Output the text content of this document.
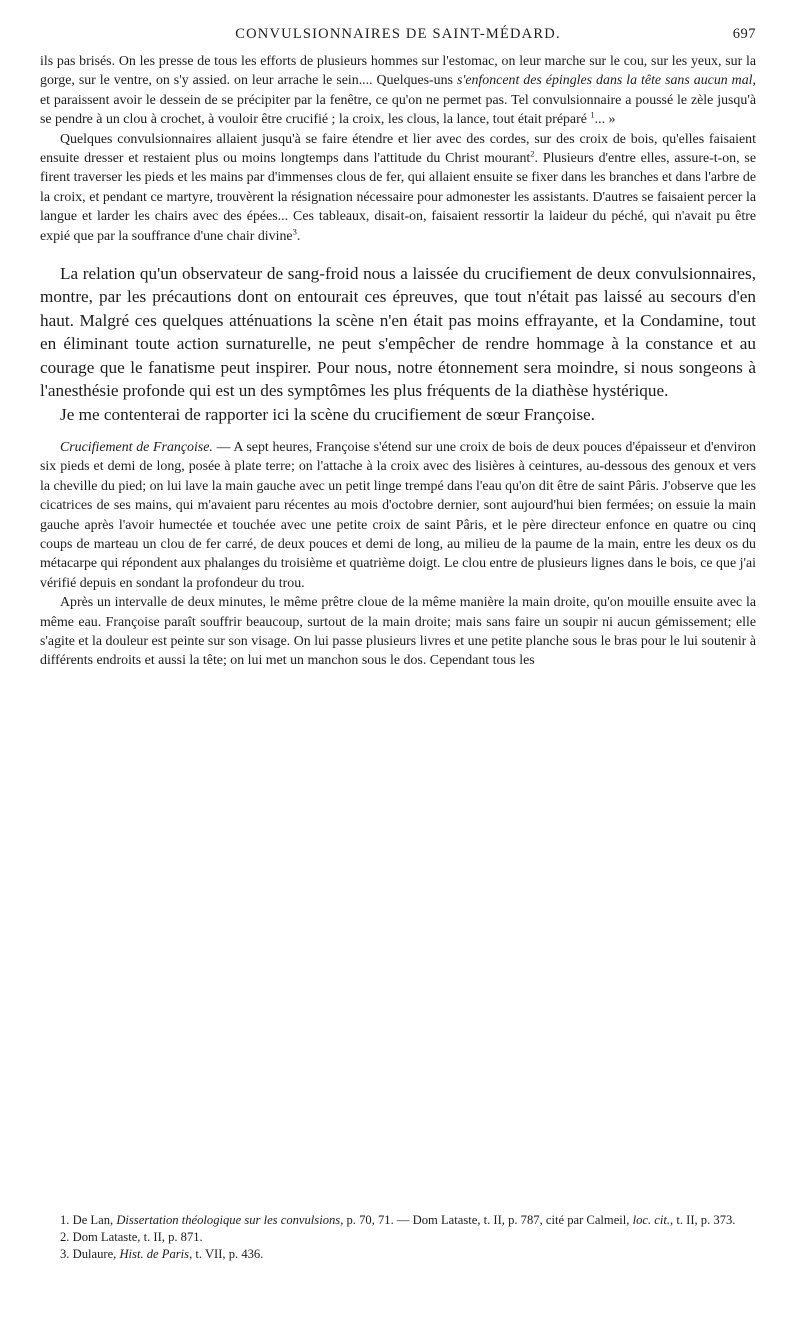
CONVULSIONNAIRES DE SAINT-MÉDARD.	697

ils pas brisés. On les presse de tous les efforts de plusieurs hommes sur l'estomac, on leur marche sur le cou, sur les yeux, sur la gorge, sur le ventre, on s'y assied. on leur arrache le sein.... Quelques-uns s'enfoncent des épingles dans la tête sans aucun mal, et paraissent avoir le dessein de se précipiter par la fenêtre, ce qu'on ne permet pas. Tel convulsionnaire a poussé le zèle jusqu'à se pendre à un clou à crochet, à vouloir être crucifié ; la croix, les clous, la lance, tout était préparé $^1$... »

Quelques convulsionnaires allaient jusqu'à se faire étendre et lier avec des cordes, sur des croix de bois, qu'elles faisaient ensuite dresser et restaient plus ou moins longtemps dans l'attitude du Christ mourant$^2$. Plusieurs d'entre elles, assure-t-on, se firent traverser les pieds et les mains par d'immenses clous de fer, qui allaient ensuite se fixer dans les branches et dans l'arbre de la croix, et pendant ce martyre, trouvèrent la résignation nécessaire pour admonester les assistants. D'autres se faisaient percer la langue et larder les chairs avec des épées... Ces tableaux, disait-on, faisaient ressortir la laideur du péché, qui n'avait pu être expié que par la souffrance d'une chair divine$^3$.

La relation qu'un observateur de sang-froid nous a laissée du crucifiement de deux convulsionnaires, montre, par les précautions dont on entourait ces épreuves, que tout n'était pas laissé au secours d'en haut. Malgré ces quelques atténuations la scène n'en était pas moins effrayante, et la Condamine, tout en éliminant toute action surnaturelle, ne peut s'empêcher de rendre hommage à la constance et au courage que le fanatisme peut inspirer. Pour nous, notre étonnement sera moindre, si nous songeons à l'anesthésie profonde qui est un des symptômes les plus fréquents de la diathèse hystérique.

Je me contenterai de rapporter ici la scène du crucifiement de sœur Françoise.

Crucifiement de Françoise. — A sept heures, Françoise s'étend sur une croix de bois de deux pouces d'épaisseur et d'environ six pieds et demi de long, posée à plate terre; on l'attache à la croix avec des lisières à ceintures, au-dessous des genoux et vers la cheville du pied; on lui lave la main gauche avec un petit linge trempé dans l'eau qu'on dit être de saint Pâris. J'observe que les cicatrices de ses mains, qui m'avaient paru récentes au mois d'octobre dernier, sont aujourd'hui bien fermées; on essuie la main gauche après l'avoir humectée et touchée avec une petite croix de saint Pâris, et le père directeur enfonce en quatre ou cinq coups de marteau un clou de fer carré, de deux pouces et demi de long, au milieu de la paume de la main, entre les deux os du métacarpe qui répondent aux phalanges du troisième et quatrième doigt. Le clou entre de plusieurs lignes dans le bois, ce que j'ai vérifié depuis en sondant la profondeur du trou.

Après un intervalle de deux minutes, le même prêtre cloue de la même manière la main droite, qu'on mouille ensuite avec la même eau. Françoise paraît souffrir beaucoup, surtout de la main droite; mais sans faire un soupir ni aucun gémissement; elle s'agite et la douleur est peinte sur son visage. On lui passe plusieurs livres et une petite planche sous le bras pour le lui soutenir à différents endroits et aussi la tête; on lui met un manchon sous le dos. Cependant tous les

1. De Lan, Dissertation théologique sur les convulsions, p. 70, 71. — Dom Lataste, t. II, p. 787, cité par Calmeil, loc. cit., t. II, p. 373.

2. Dom Lataste, t. II, p. 871.

3. Dulaure, Hist. de Paris, t. VII, p. 436.
